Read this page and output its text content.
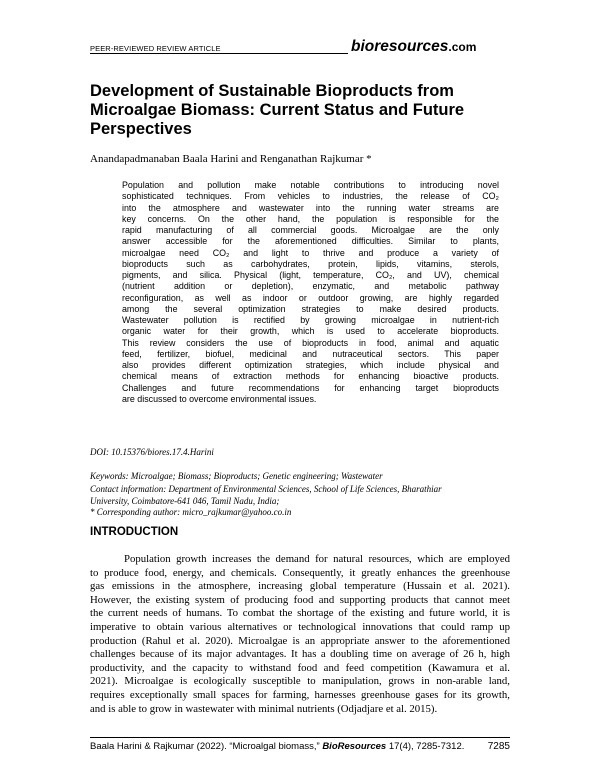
PEER-REVIEWED REVIEW ARTICLE	bioresources.com
Development of Sustainable Bioproducts from
Microalgae Biomass: Current Status and Future
Perspectives
Anandapadmanaban Baala Harini and Renganathan Rajkumar *
Population and pollution make notable contributions to introducing novel
sophisticated techniques. From vehicles to industries, the release of CO₂
into the atmosphere and wastewater into the running water streams are
key concerns. On the other hand, the population is responsible for the
rapid manufacturing of all commercial goods. Microalgae are the only
answer accessible for the aforementioned difficulties. Similar to plants,
microalgae need CO₂ and light to thrive and produce a variety of
bioproducts such as carbohydrates, protein, lipids, vitamins, sterols,
pigments, and silica. Physical (light, temperature, CO₂, and UV), chemical
(nutrient addition or depletion), enzymatic, and metabolic pathway
reconfiguration, as well as indoor or outdoor growing, are highly regarded
among the several optimization strategies to make desired products.
Wastewater pollution is rectified by growing microalgae in nutrient-rich
organic water for their growth, which is used to accelerate bioproducts.
This review considers the use of bioproducts in food, animal and aquatic
feed, fertilizer, biofuel, medicinal and nutraceutical sectors. This paper
also provides different optimization strategies, which include physical and
chemical means of extraction methods for enhancing bioactive products.
Challenges and future recommendations for enhancing target bioproducts
are discussed to overcome environmental issues.
DOI: 10.15376/biores.17.4.Harini
Keywords: Microalgae; Biomass; Bioproducts; Genetic engineering; Wastewater
Contact information: Department of Environmental Sciences, School of Life Sciences, Bharathiar
University, Coimbatore-641 046, Tamil Nadu, India;
* Corresponding author: micro_rajkumar@yahoo.co.in
INTRODUCTION
Population growth increases the demand for natural resources, which are employed
to produce food, energy, and chemicals. Consequently, it greatly enhances the greenhouse
gas emissions in the atmosphere, increasing global temperature (Hussain et al. 2021).
However, the existing system of producing food and supporting products that cannot meet
the current needs of humans. To combat the shortage of the existing and future world, it is
imperative to obtain various alternatives or technological innovations that could ramp up
production (Rahul et al. 2020). Microalgae is an appropriate answer to the aforementioned
challenges because of its major advantages. It has a doubling time on average of 26 h, high
productivity, and the capacity to withstand food and feed competition (Kawamura et al.
2021). Microalgae is ecologically susceptible to manipulation, grows in non-arable land,
requires exceptionally small spaces for farming, harnesses greenhouse gases for its growth,
and is able to grow in wastewater with minimal nutrients (Odjadjare et al. 2015).
Baala Harini & Rajkumar (2022). “Microalgal biomass,” BioResources 17(4), 7285-7312.	7285
